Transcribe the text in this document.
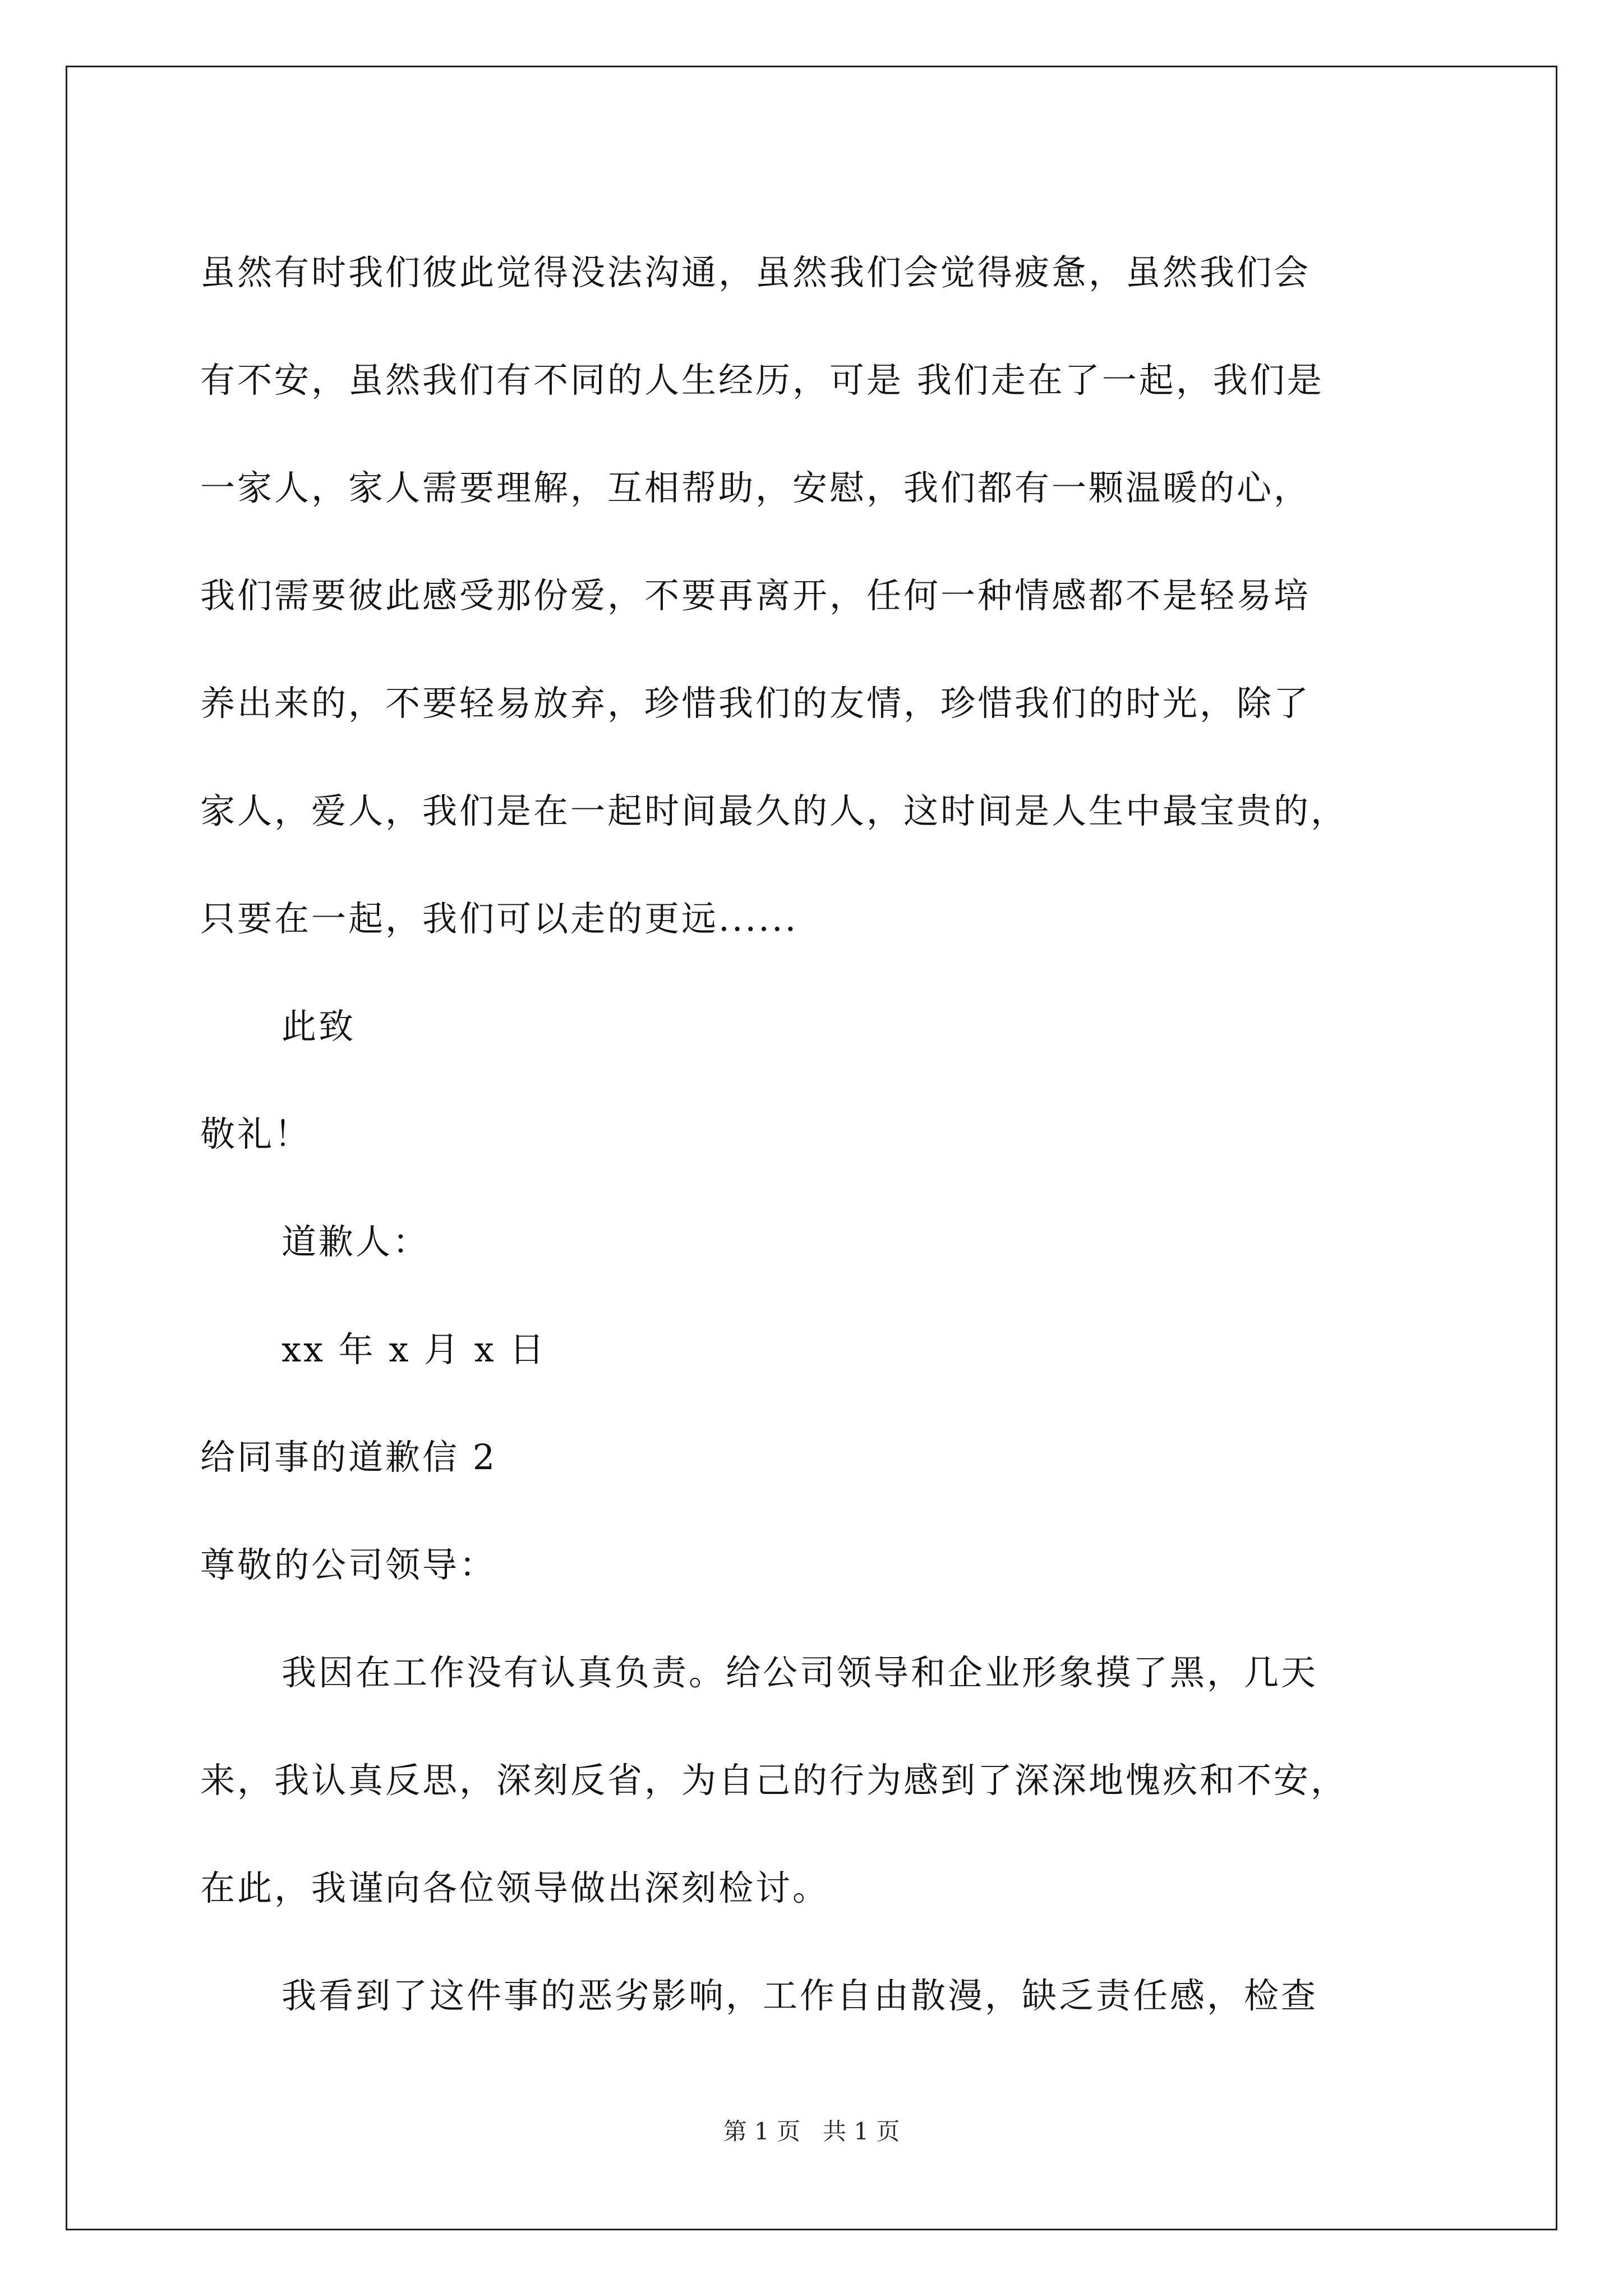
虽然有时我们彼此觉得没法沟通，虽然我们会觉得疲惫，虽然我们会
有不安，虽然我们有不同的人生经历，可是 我们走在了一起，我们是
一家人，家人需要理解，互相帮助，安慰，我们都有一颗温暖的心，
我们需要彼此感受那份爱，不要再离开，任何一种情感都不是轻易培
养出来的，不要轻易放弃，珍惜我们的友情，珍惜我们的时光，除了
家人，爱人，我们是在一起时间最久的人，这时间是人生中最宝贵的，
只要在一起，我们可以走的更远......
此致
敬礼！
道歉人：
xx 年 x 月 x 日
给同事的道歉信 2
尊敬的公司领导：
我因在工作没有认真负责。给公司领导和企业形象摸了黑，几天
来，我认真反思，深刻反省，为自己的行为感到了深深地愧疚和不安，
在此，我谨向各位领导做出深刻检讨。
我看到了这件事的恶劣影响，工作自由散漫，缺乏责任感，检查
第 1 页 共 1 页
